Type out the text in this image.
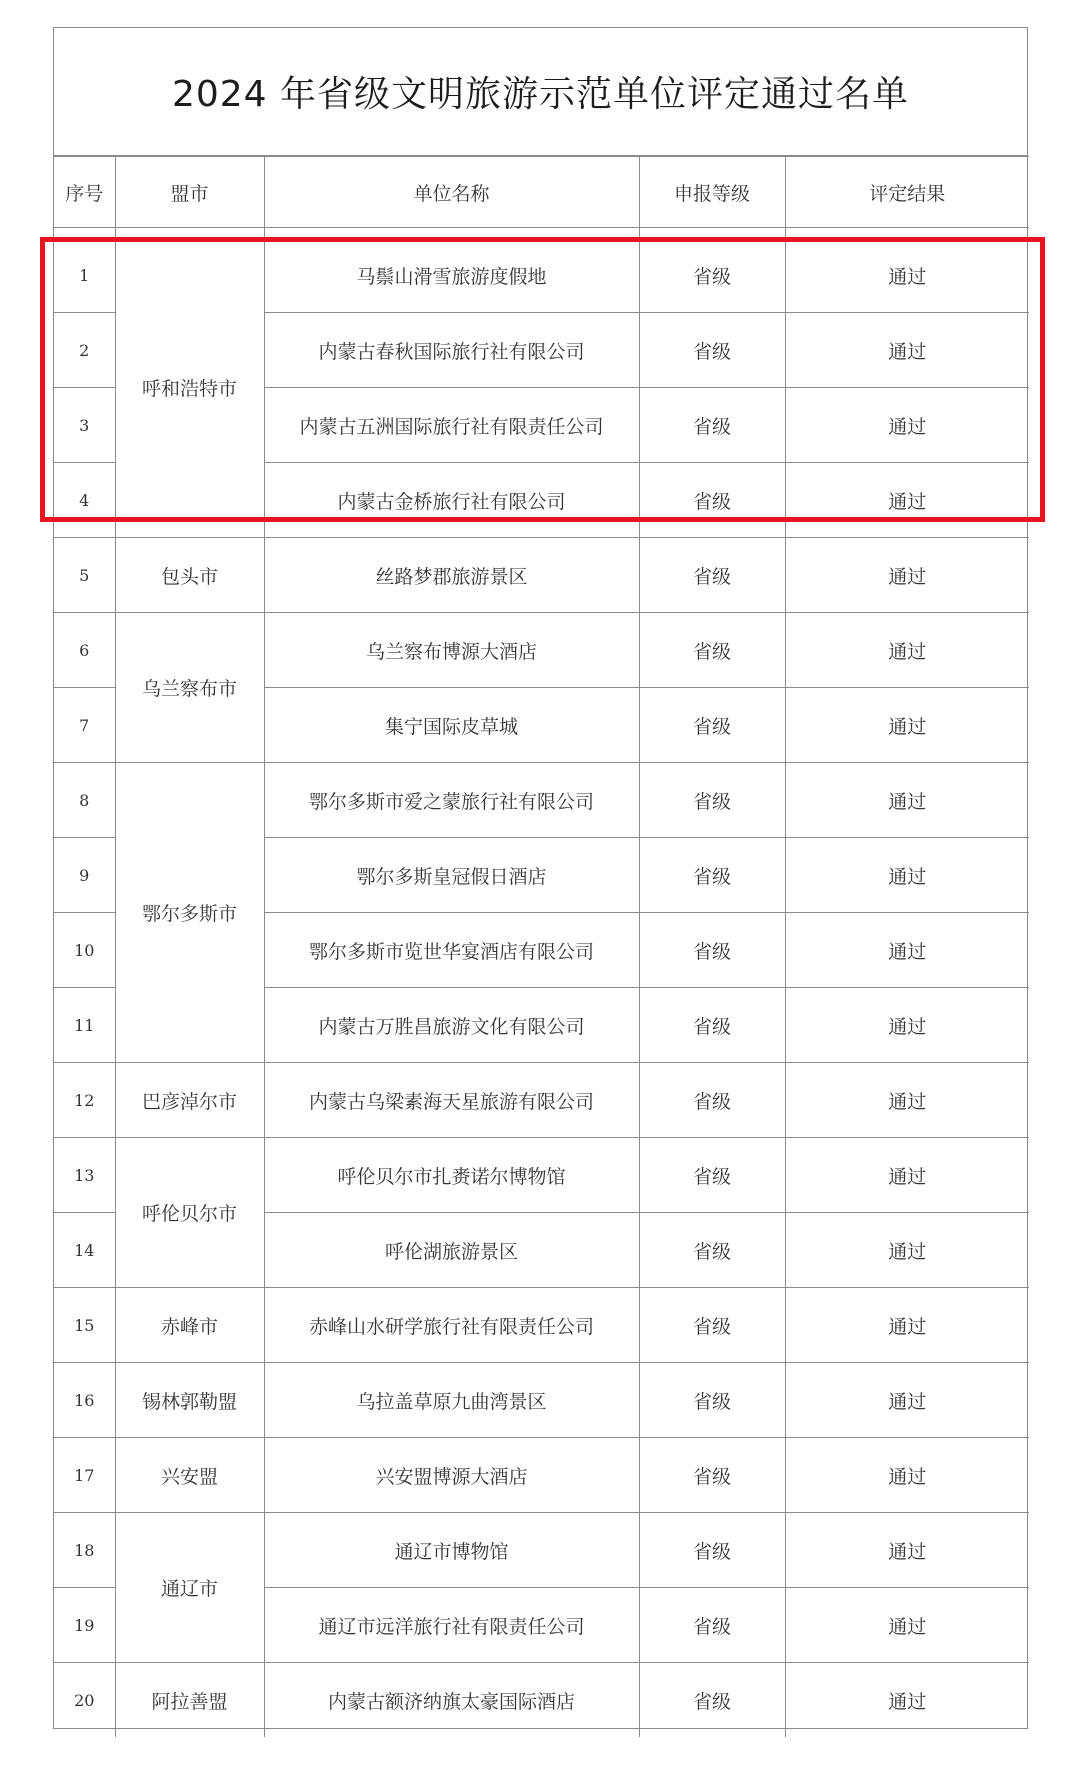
2024 年省级文明旅游示范单位评定通过名单
序号	盟市	单位名称	申报等级	评定结果

1	呼和浩特市	马鬃山滑雪旅游度假地	省级	通过
2		内蒙古春秋国际旅行社有限公司	省级	通过
3		内蒙古五洲国际旅行社有限责任公司	省级	通过
4		内蒙古金桥旅行社有限公司	省级	通过
5	包头市	丝路梦郡旅游景区	省级	通过
6	乌兰察布市	乌兰察布博源大酒店	省级	通过
7		集宁国际皮草城	省级	通过
8	鄂尔多斯市	鄂尔多斯市爱之蒙旅行社有限公司	省级	通过
9		鄂尔多斯皇冠假日酒店	省级	通过
10		鄂尔多斯市览世华宴酒店有限公司	省级	通过
11		内蒙古万胜昌旅游文化有限公司	省级	通过
12	巴彦淖尔市	内蒙古乌梁素海天星旅游有限公司	省级	通过
13	呼伦贝尔市	呼伦贝尔市扎赉诺尔博物馆	省级	通过
14		呼伦湖旅游景区	省级	通过
15	赤峰市	赤峰山水研学旅行社有限责任公司	省级	通过
16	锡林郭勒盟	乌拉盖草原九曲湾景区	省级	通过
17	兴安盟	兴安盟博源大酒店	省级	通过
18	通辽市	通辽市博物馆	省级	通过
19		通辽市远洋旅行社有限责任公司	省级	通过
20	阿拉善盟	内蒙古额济纳旗太豪国际酒店	省级	通过
